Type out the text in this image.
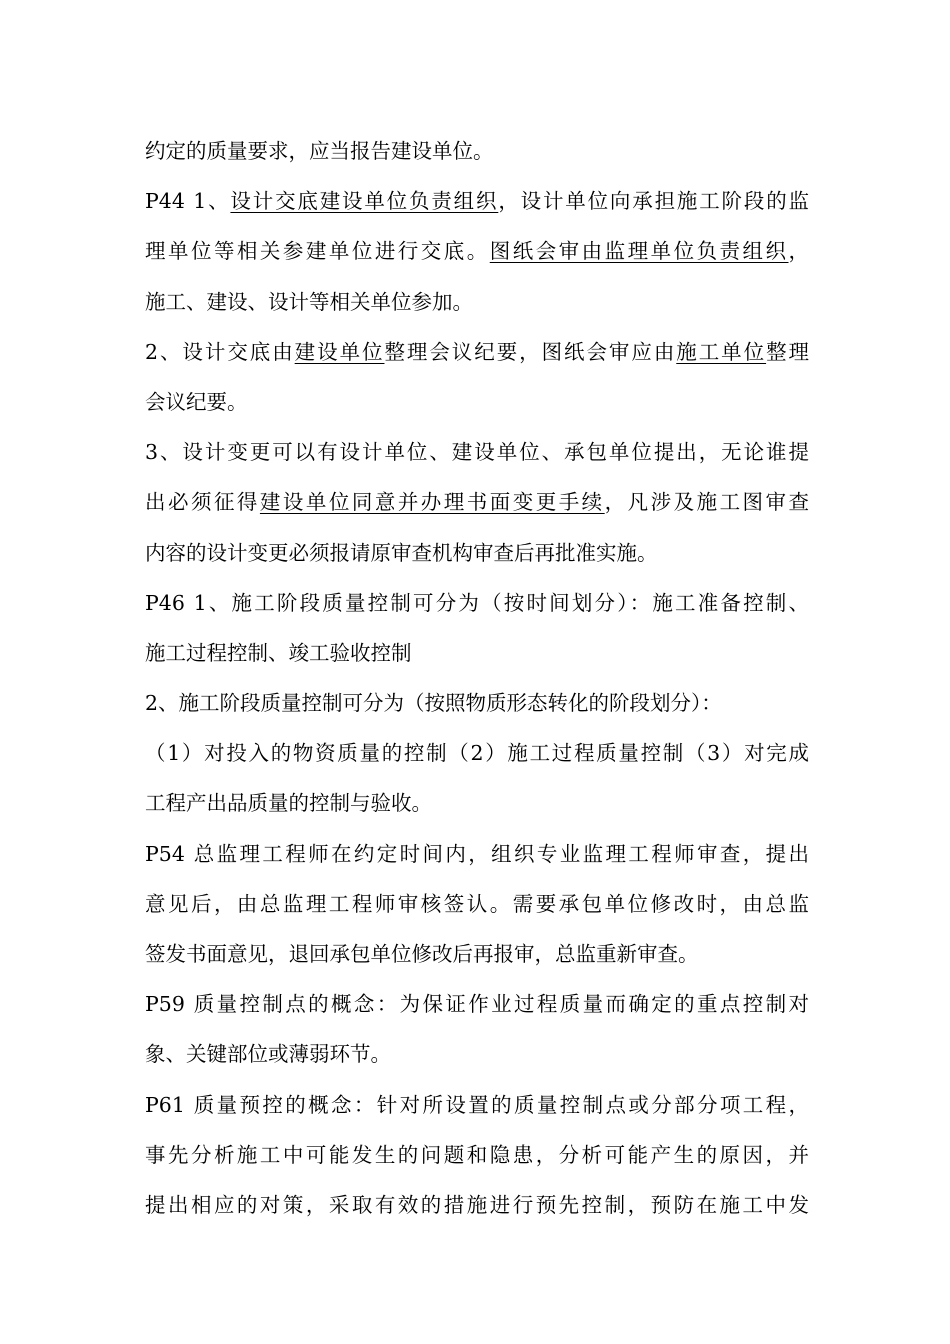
约定的质量要求，应当报告建设单位。
P44 1、设计交底建设单位负责组织，设计单位向承担施工阶段的监
理单位等相关参建单位进行交底。图纸会审由监理单位负责组织，
施工、建设、设计等相关单位参加。
2、设计交底由建设单位整理会议纪要，图纸会审应由施工单位整理
会议纪要。
3、设计变更可以有设计单位、建设单位、承包单位提出，无论谁提
出必须征得建设单位同意并办理书面变更手续，凡涉及施工图审查
内容的设计变更必须报请原审查机构审查后再批准实施。
P46 1、施工阶段质量控制可分为（按时间划分）：施工准备控制、
施工过程控制、竣工验收控制
2、施工阶段质量控制可分为（按照物质形态转化的阶段划分）：
（1）对投入的物资质量的控制（2）施工过程质量控制（3）对完成
工程产出品质量的控制与验收。
P54 总监理工程师在约定时间内，组织专业监理工程师审查，提出
意见后，由总监理工程师审核签认。需要承包单位修改时，由总监
签发书面意见，退回承包单位修改后再报审，总监重新审查。
P59 质量控制点的概念：为保证作业过程质量而确定的重点控制对
象、关键部位或薄弱环节。
P61 质量预控的概念：针对所设置的质量控制点或分部分项工程，
事先分析施工中可能发生的问题和隐患，分析可能产生的原因，并
提出相应的对策，采取有效的措施进行预先控制，预防在施工中发
